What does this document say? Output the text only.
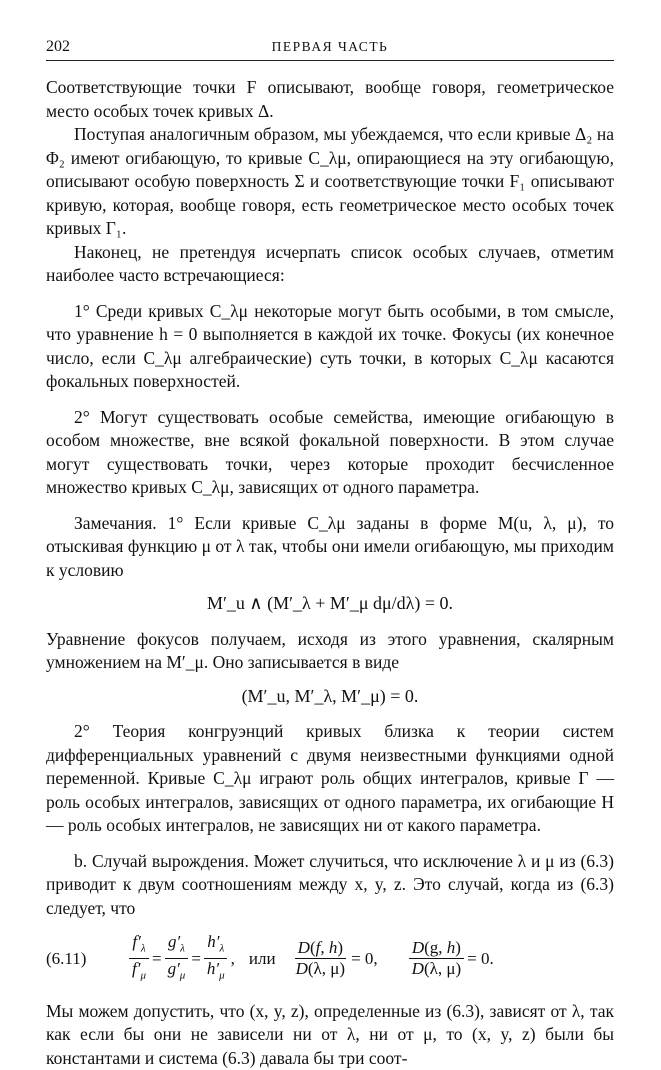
202	ПЕРВАЯ ЧАСТЬ

Соответствующие точки F описывают, вообще говоря, геометрическое место особых точек кривых Δ.

Поступая аналогичным образом, мы убеждаемся, что если кривые Δ₂ на Φ₂ имеют огибающую, то кривые C_λμ, опирающиеся на эту огибающую, описывают особую поверхность Σ и соответствующие точки F₁ описывают кривую, которая, вообще говоря, есть геометрическое место особых точек кривых Γ₁.

Наконец, не претендуя исчерпать список особых случаев, отметим наиболее часто встречающиеся:

1° Среди кривых C_λμ некоторые могут быть особыми, в том смысле, что уравнение h = 0 выполняется в каждой их точке. Фокусы (их конечное число, если C_λμ алгебраические) суть точки, в которых C_λμ касаются фокальных поверхностей.

2° Могут существовать особые семейства, имеющие огибающую в особом множестве, вне всякой фокальной поверхности. В этом случае могут существовать точки, через которые проходит бесчисленное множество кривых C_λμ, зависящих от одного параметра.

Замечания. 1° Если кривые C_λμ заданы в форме M(u, λ, μ), то отыскивая функцию μ от λ так, чтобы они имели огибающую, мы приходим к условию

M′_u ∧ (M′_λ + M′_μ dμ/dλ) = 0.

Уравнение фокусов получаем, исходя из этого уравнения, скалярным умножением на M′_μ. Оно записывается в виде

(M′_u, M′_λ, M′_μ) = 0.

2° Теория конгруэнций кривых близка к теории систем дифференциальных уравнений с двумя неизвестными функциями одной переменной. Кривые C_λμ играют роль общих интегралов, кривые Γ — роль особых интегралов, зависящих от одного параметра, их огибающие H — роль особых интегралов, не зависящих ни от какого параметра.

b. Случай вырождения. Может случиться, что исключение λ и μ из (6.3) приводит к двум соотношениям между x, y, z. Это случай, когда из (6.3) следует, что

(6.11)	$\frac{f'_\lambda}{f'_\mu} = \frac{g'_\lambda}{g'_\mu} = \frac{h'_\lambda}{h'_\mu}$ , или $\frac{D(f, h)}{D(\lambda, \mu)} = 0$, $\frac{D(g, h)}{D(\lambda, \mu)} = 0$.

Мы можем допустить, что (x, y, z), определенные из (6.3), зависят от λ, так как если бы они не зависели ни от λ, ни от μ, то (x, y, z) были бы константами и система (6.3) давала бы три соот-
